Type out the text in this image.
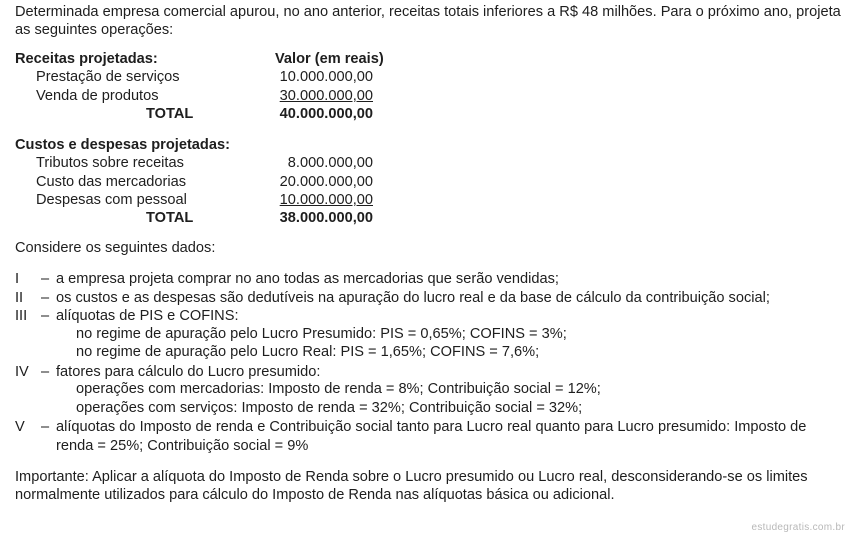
Determinada empresa comercial apurou, no ano anterior, receitas totais inferiores a R$ 48 milhões. Para o próximo ano, projeta as seguintes operações:
Receitas projetadas:	Valor (em reais)
Prestação de serviços	10.000.000,00
Venda de produtos	30.000.000,00
TOTAL	40.000.000,00
Custos e despesas projetadas:
Tributos sobre receitas	8.000.000,00
Custo das mercadorias	20.000.000,00
Despesas com pessoal	10.000.000,00
TOTAL	38.000.000,00
Considere os seguintes dados:
I – a empresa projeta comprar no ano todas as mercadorias que serão vendidas;
II – os custos e as despesas são dedutíveis na apuração do lucro real e da base de cálculo da contribuição social;
III – alíquotas de PIS e COFINS:
no regime de apuração pelo Lucro Presumido: PIS = 0,65%; COFINS = 3%;
no regime de apuração pelo Lucro Real: PIS = 1,65%; COFINS = 7,6%;
IV – fatores para cálculo do Lucro presumido:
operações com mercadorias: Imposto de renda = 8%; Contribuição social = 12%;
operações com serviços: Imposto de renda = 32%; Contribuição social = 32%;
V – alíquotas do Imposto de renda e Contribuição social tanto para Lucro real quanto para Lucro presumido: Imposto de renda = 25%; Contribuição social = 9%
Importante: Aplicar a alíquota do Imposto de Renda sobre o Lucro presumido ou Lucro real, desconsiderando-se os limites normalmente utilizados para cálculo do Imposto de Renda nas alíquotas básica ou adicional.
estudegratis.com.br
